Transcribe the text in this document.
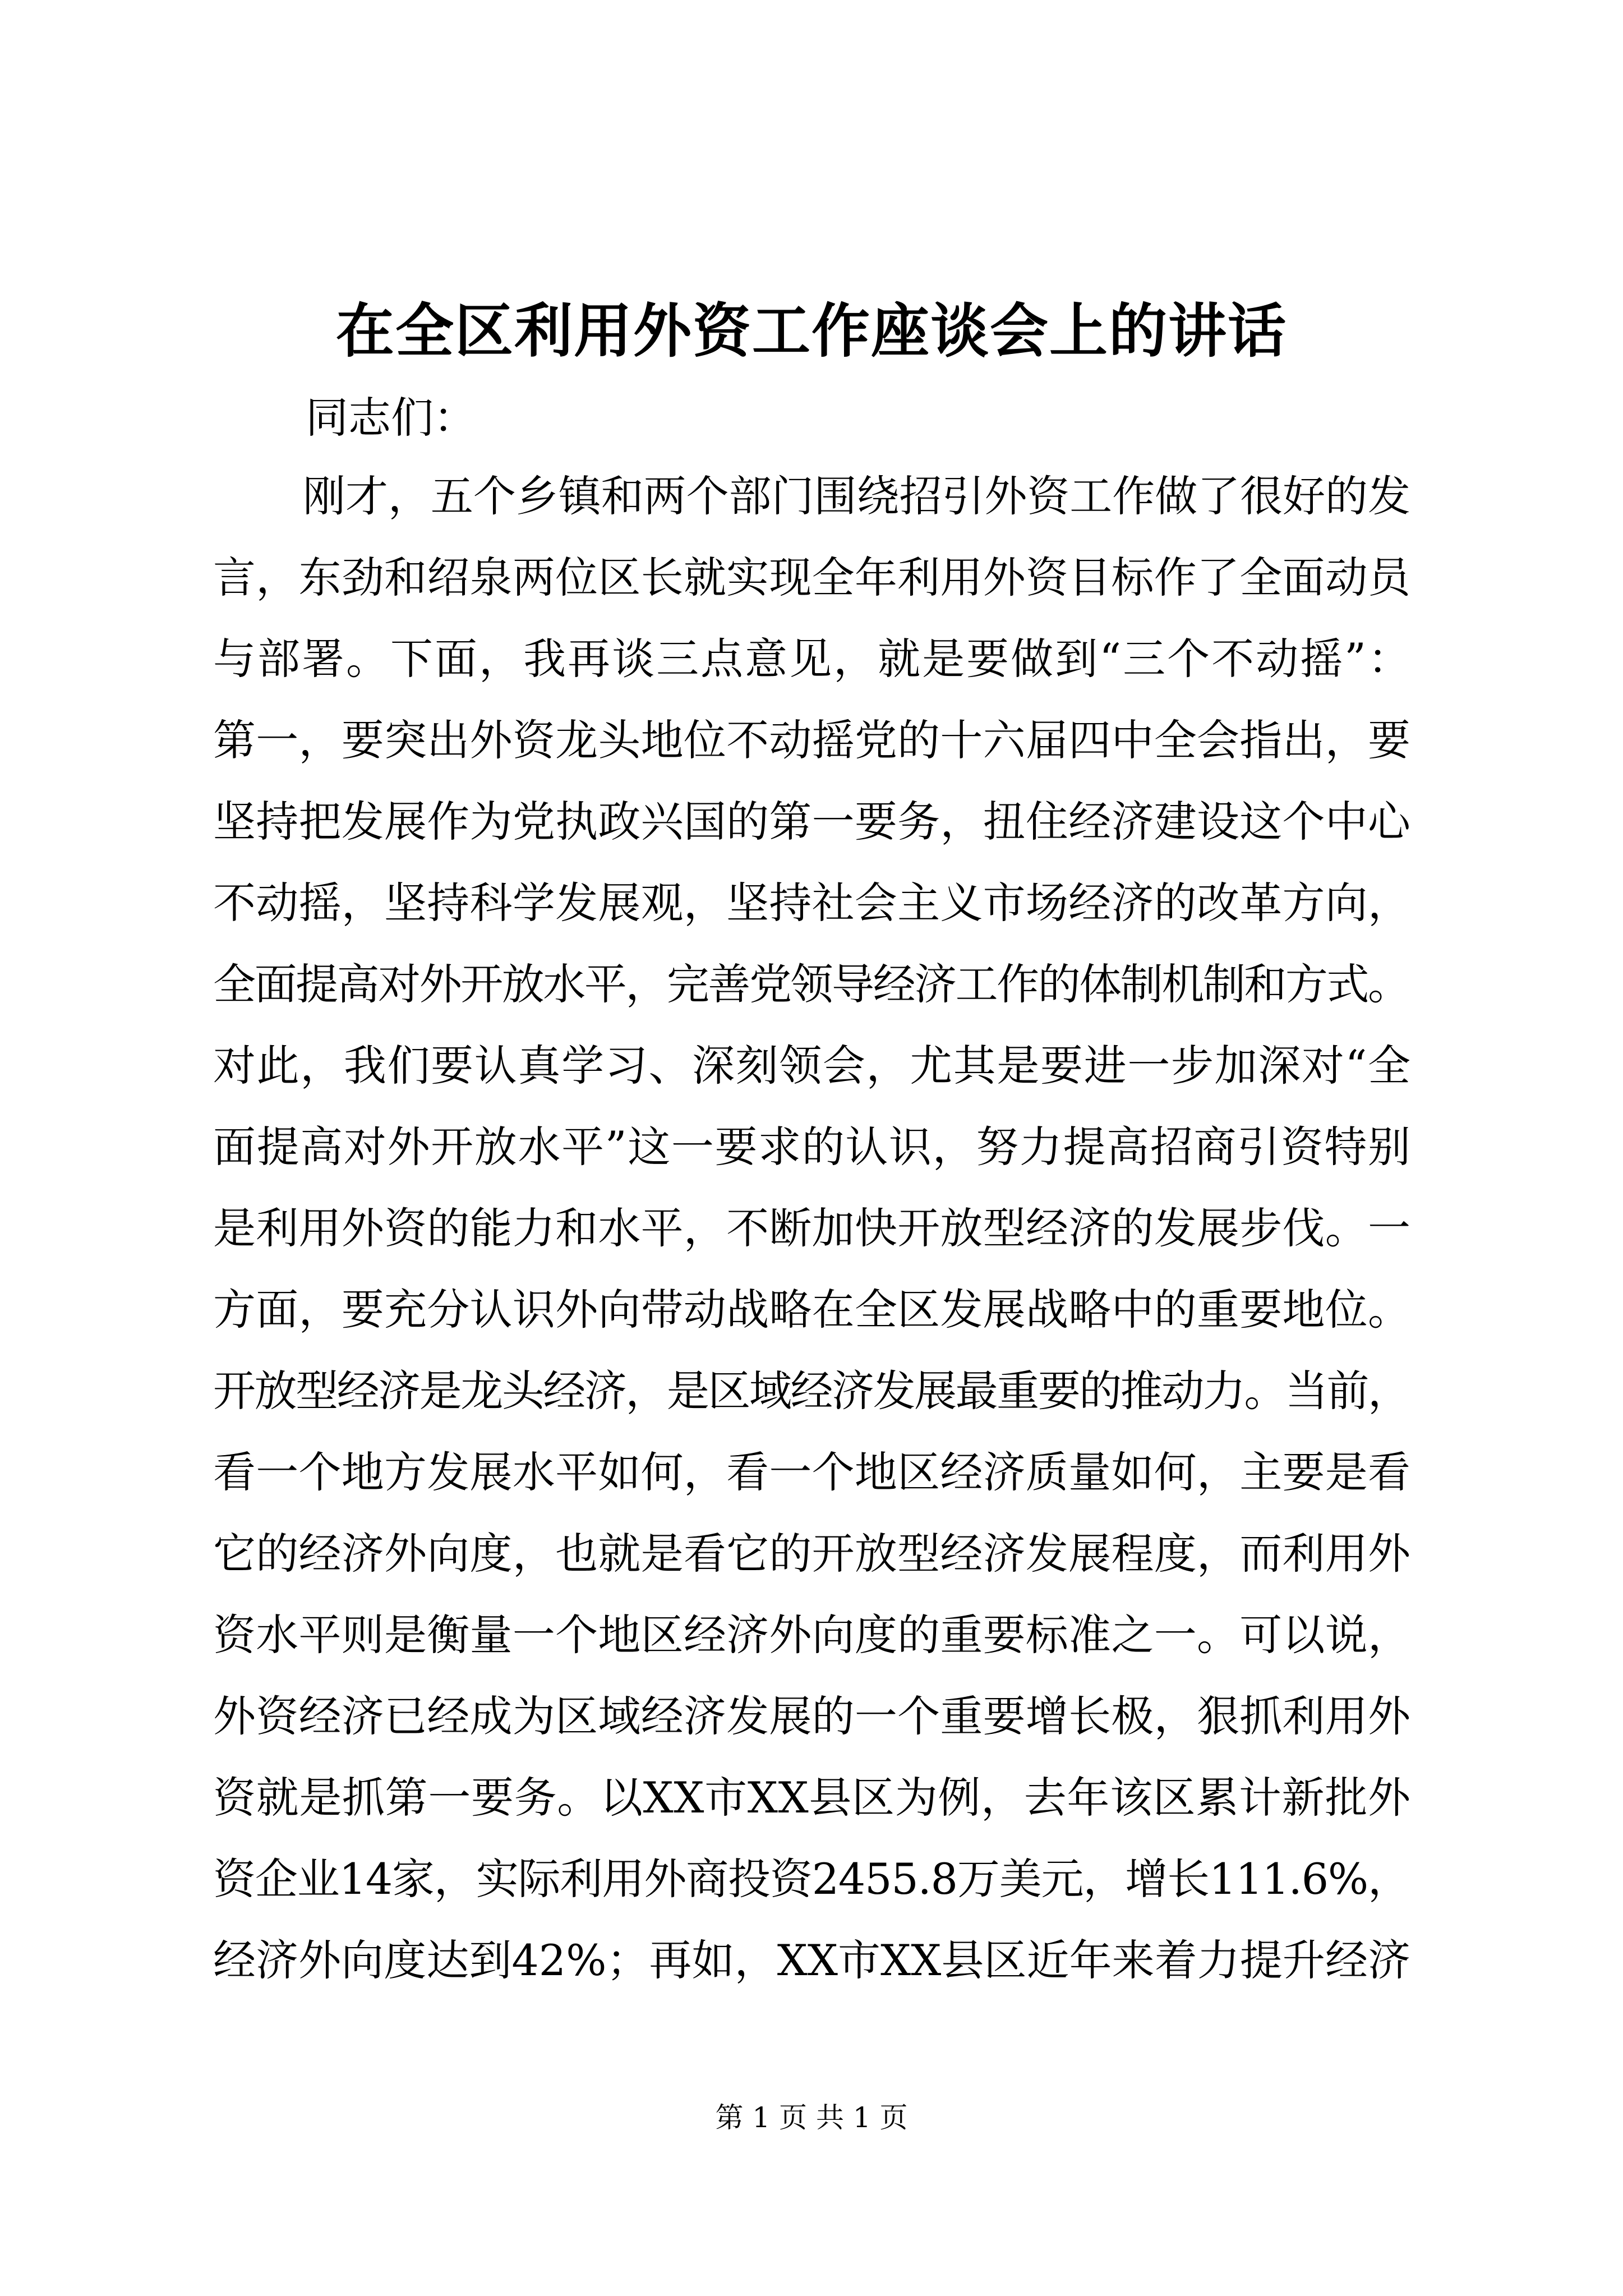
在全区利用外资工作座谈会上的讲话
同志们：
刚才，五个乡镇和两个部门围绕招引外资工作做了很好的发
言，东劲和绍泉两位区长就实现全年利用外资目标作了全面动员
与部署。下面，我再谈三点意见，就是要做到“三个不动摇”：
第一，要突出外资龙头地位不动摇党的十六届四中全会指出，要
坚持把发展作为党执政兴国的第一要务，扭住经济建设这个中心
不动摇，坚持科学发展观，坚持社会主义市场经济的改革方向，
全面提高对外开放水平，完善党领导经济工作的体制机制和方式。
对此，我们要认真学习、深刻领会，尤其是要进一步加深对“全
面提高对外开放水平”这一要求的认识，努力提高招商引资特别
是利用外资的能力和水平，不断加快开放型经济的发展步伐。一
方面，要充分认识外向带动战略在全区发展战略中的重要地位。
开放型经济是龙头经济，是区域经济发展最重要的推动力。当前，
看一个地方发展水平如何，看一个地区经济质量如何，主要是看
它的经济外向度，也就是看它的开放型经济发展程度，而利用外
资水平则是衡量一个地区经济外向度的重要标准之一。可以说，
外资经济已经成为区域经济发展的一个重要增长极，狠抓利用外
资就是抓第一要务。以XX市XX县区为例，去年该区累计新批外
资企业14家，实际利用外商投资2455.8万美元，增长111.6%，
经济外向度达到42%；再如，XX市XX县区近年来着力提升经济
第 1 页 共 1 页
